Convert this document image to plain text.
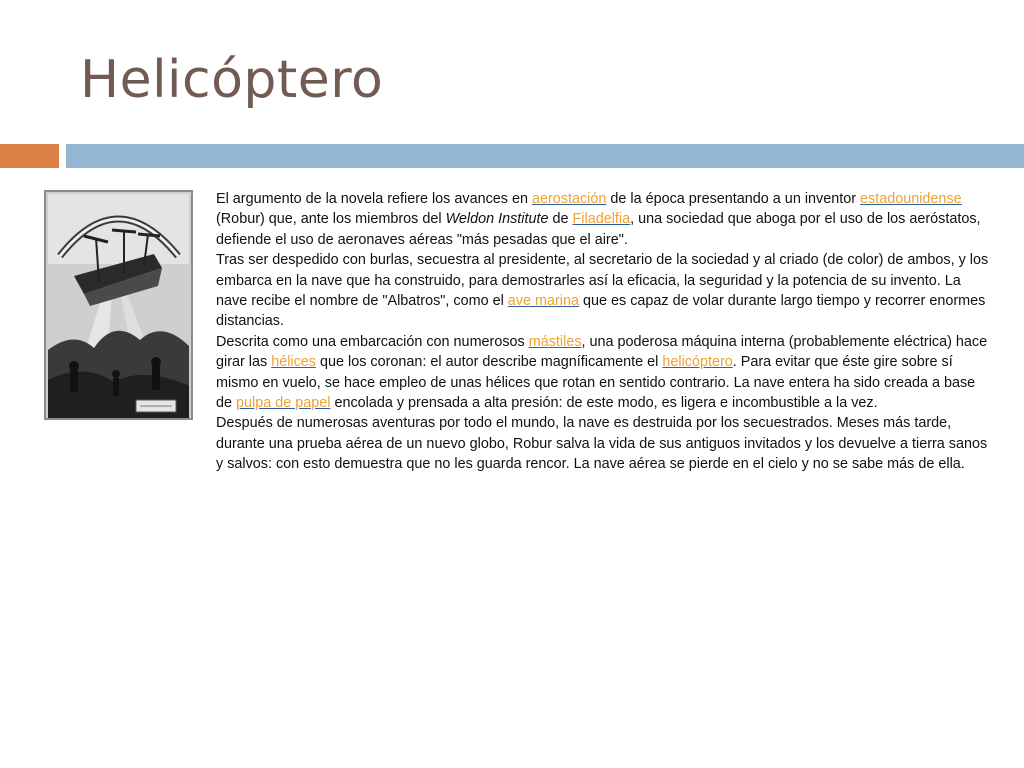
Helicóptero

El argumento de la novela refiere los avances en aerostación de la época presentando a un inventor estadounidense (Robur) que, ante los miembros del Weldon Institute de Filadelfia, una sociedad que aboga por el uso de los aeróstatos, defiende el uso de aeronaves aéreas "más pesadas que el aire".

Tras ser despedido con burlas, secuestra al presidente, al secretario de la sociedad y al criado (de color) de ambos, y los embarca en la nave que ha construido, para demostrarles así la eficacia, la seguridad y la potencia de su invento. La nave recibe el nombre de "Albatros", como el ave marina que es capaz de volar durante largo tiempo y recorrer enormes distancias.

Descrita como una embarcación con numerosos mástiles, una poderosa máquina interna (probablemente eléctrica) hace girar las hélices que los coronan: el autor describe magníficamente el helicóptero. Para evitar que éste gire sobre sí mismo en vuelo, se hace empleo de unas hélices que rotan en sentido contrario. La nave entera ha sido creada a base de pulpa de papel encolada y prensada a alta presión: de este modo, es ligera e incombustible a la vez.

Después de numerosas aventuras por todo el mundo, la nave es destruida por los secuestrados. Meses más tarde, durante una prueba aérea de un nuevo globo, Robur salva la vida de sus antiguos invitados y los devuelve a tierra sanos y salvos: con esto demuestra que no les guarda rencor. La nave aérea se pierde en el cielo y no se sabe más de ella.
